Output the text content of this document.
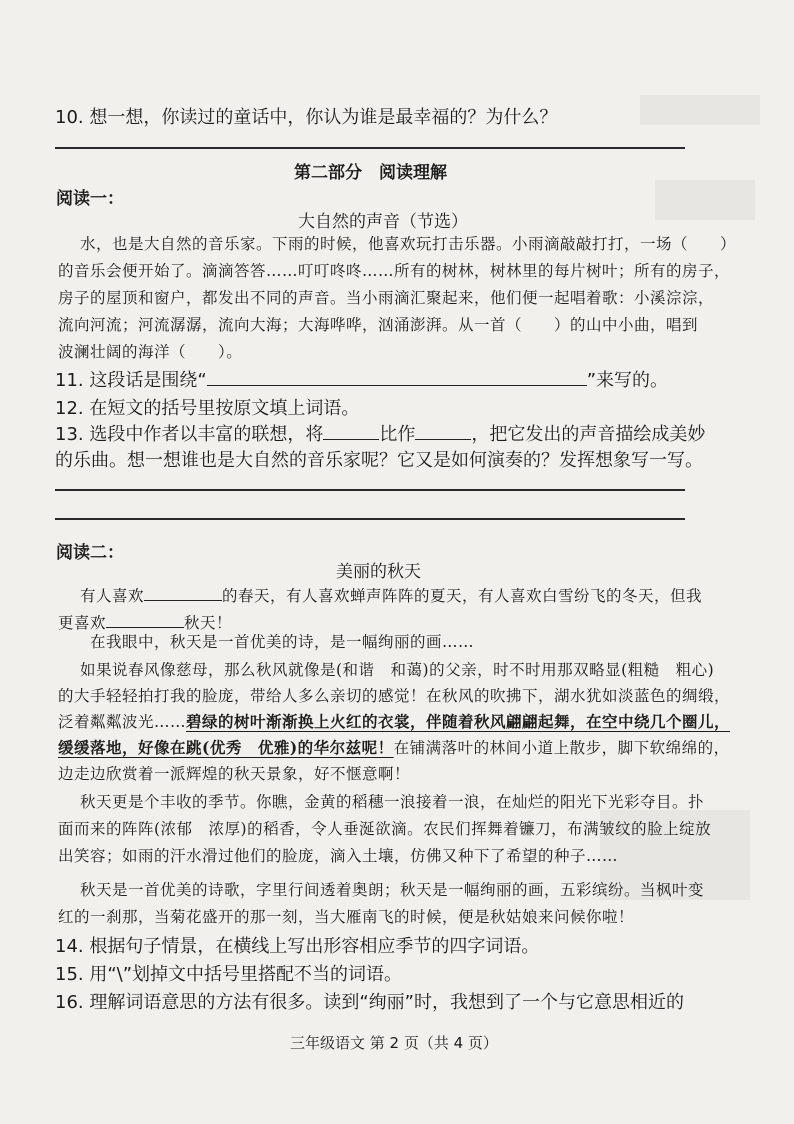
10. 想一想，你读过的童话中，你认为谁是最幸福的？为什么？
第二部分　阅读理解
阅读一：
大自然的声音（节选）
水，也是大自然的音乐家。下雨的时候，他喜欢玩打击乐器。小雨滴敲敲打打，一场（　　）
的音乐会便开始了。滴滴答答……叮叮咚咚……所有的树林，树林里的每片树叶；所有的房子，
房子的屋顶和窗户，都发出不同的声音。当小雨滴汇聚起来，他们便一起唱着歌：小溪淙淙，
流向河流；河流潺潺，流向大海；大海哗哗，汹涌澎湃。从一首（　　）的山中小曲，唱到
波澜壮阔的海洋（　　）。
11. 这段话是围绕“	”来写的。
12. 在短文的括号里按原文填上词语。
13. 选段中作者以丰富的联想，将	比作	，把它发出的声音描绘成美妙
的乐曲。想一想谁也是大自然的音乐家呢？它又是如何演奏的？发挥想象写一写。
阅读二：
美丽的秋天
有人喜欢	的春天，有人喜欢蝉声阵阵的夏天，有人喜欢白雪纷飞的冬天，但我
更喜欢	秋天！
在我眼中，秋天是一首优美的诗，是一幅绚丽的画……
如果说春风像慈母，那么秋风就像是(和谐　和蔼)的父亲，时不时用那双略显(粗糙　粗心)
的大手轻轻拍打我的脸庞，带给人多么亲切的感觉！在秋风的吹拂下，湖水犹如淡蓝色的绸缎，
泛着粼粼波光……碧绿的树叶渐渐换上火红的衣裳，伴随着秋风翩翩起舞，在空中绕几个圈儿，
缓缓落地，好像在跳(优秀　优雅)的华尔兹呢！在铺满落叶的林间小道上散步，脚下软绵绵的，
边走边欣赏着一派辉煌的秋天景象，好不惬意啊！
秋天更是个丰收的季节。你瞧，金黄的稻穗一浪接着一浪，在灿烂的阳光下光彩夺目。扑
面而来的阵阵(浓郁　浓厚)的稻香，令人垂涎欲滴。农民们挥舞着镰刀，布满皱纹的脸上绽放
出笑容；如雨的汗水滑过他们的脸庞，滴入土壤，仿佛又种下了希望的种子……
秋天是一首优美的诗歌，字里行间透着奥朗；秋天是一幅绚丽的画，五彩缤纷。当枫叶变
红的一刹那，当菊花盛开的那一刻，当大雁南飞的时候，便是秋姑娘来问候你啦！
14. 根据句子情景，在横线上写出形容相应季节的四字词语。
15. 用“\”划掉文中括号里搭配不当的词语。
16. 理解词语意思的方法有很多。读到“绚丽”时，我想到了一个与它意思相近的
三年级语文 第 2 页（共 4 页）
